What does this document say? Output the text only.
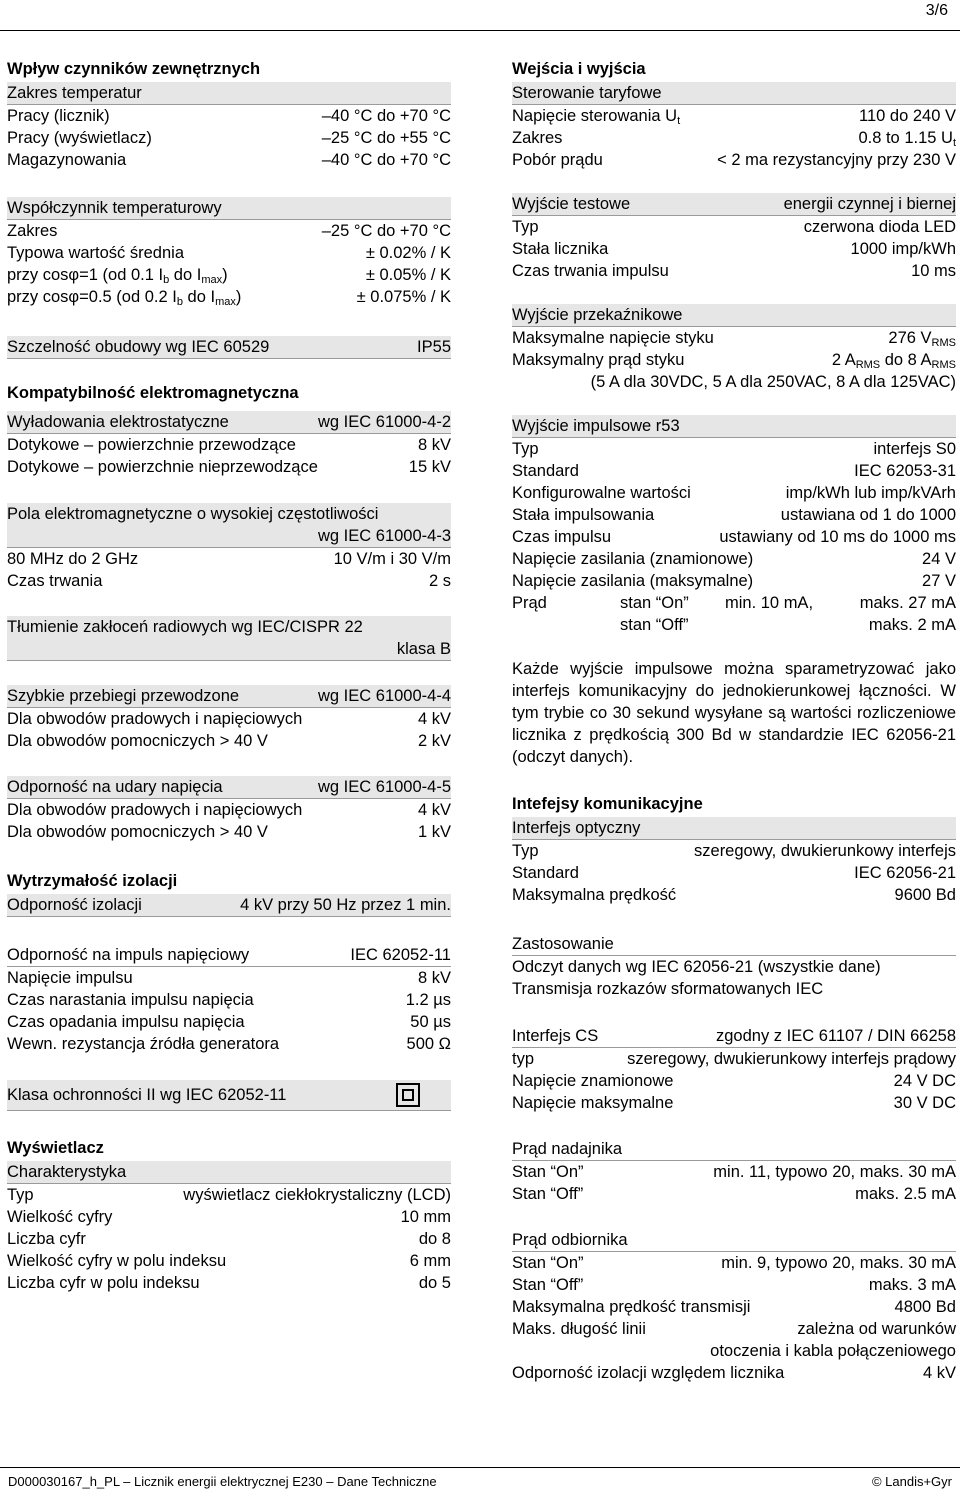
3/6
Wpływ czynników zewnętrznych
Zakres temperatur
Pracy (licznik)	–40 °C do +70 °C
Pracy (wyświetlacz)	–25 °C do +55 °C
Magazynowania	–40 °C do +70 °C
Współczynnik temperaturowy
Zakres	–25 °C do +70 °C
Typowa wartość średnia	± 0.02% / K
przy cosφ=1 (od 0.1 $I_b$ do $I_{max}$)	± 0.05% / K
przy cosφ=0.5 (od 0.2 $I_b$ do $I_{max}$)	± 0.075% / K
Szczelność obudowy wg IEC 60529	IP55
Kompatybilność elektromagnetyczna
Wyładowania elektrostatyczne	wg IEC 61000-4-2
Dotykowe – powierzchnie przewodzące	8 kV
Dotykowe – powierzchnie nieprzewodzące	15 kV
Pola elektromagnetyczne o wysokiej częstotliwości
wg IEC 61000-4-3
80 MHz do 2 GHz	10 V/m i 30 V/m
Czas trwania	2 s
Tłumienie zakłoceń radiowych wg IEC/CISPR 22
klasa B
Szybkie przebiegi przewodzone	wg IEC 61000-4-4
Dla obwodów pradowych i napięciowych	4 kV
Dla obwodów pomocniczych > 40 V	2 kV
Odporność na udary napięcia	wg IEC 61000-4-5
Dla obwodów pradowych i napięciowych	4 kV
Dla obwodów pomocniczych > 40 V	1 kV
Wytrzymałość izolacji
Odporność izolacji	4 kV przy 50 Hz przez 1 min.
Odporność na impuls napięciowy	IEC 62052-11
Napięcie impulsu	8 kV
Czas narastania impulsu napięcia	1.2 µs
Czas opadania impulsu napięcia	50 µs
Wewn. rezystancja źródła generatora	500 Ω
Klasa ochronności II wg IEC 62052-11
Wyświetlacz
Charakterystyka
Typ	wyświetlacz ciekłokrystaliczny (LCD)
Wielkość cyfry	10 mm
Liczba cyfr	do 8
Wielkość cyfry w polu indeksu	6 mm
Liczba cyfr w polu indeksu	do 5
Wejścia i wyjścia
Sterowanie taryfowe
Napięcie sterowania $U_t$	110 do 240 V
Zakres	0.8 to 1.15 $U_t$
Pobór prądu	< 2 ma rezystancyjny przy 230 V
Wyjście testowe	energii czynnej i biernej
Typ	czerwona dioda LED
Stała licznika	1000 imp/kWh
Czas trwania impulsu	10 ms
Wyjście przekaźnikowe
Maksymalne napięcie styku	276 $V_{RMS}$
Maksymalny prąd styku	2 $A_{RMS}$ do 8 $A_{RMS}$
(5 A dla 30VDC, 5 A dla 250VAC, 8 A dla 125VAC)
Wyjście impulsowe r53
Typ	interfejs S0
Standard	IEC 62053-31
Konfigurowalne wartości	imp/kWh lub imp/kVArh
Stała impulsowania	ustawiana od 1 do 1000
Czas impulsu	ustawiany od 10 ms do 1000 ms
Napięcie zasilania (znamionowe)	24 V
Napięcie zasilania (maksymalne)	27 V
Prąd	stan “On” min. 10 mA,	maks. 27 mA
stan “Off”	maks. 2 mA
Każde wyjście impulsowe można sparametryzować jako interfejs komunikacyjny do jednokierunkowej łączności. W tym trybie co 30 sekund wysyłane są wartości rozliczeniowe licznika z prędkością 300 Bd w standardzie IEC 62056-21 (odczyt danych).
Intefejsy komunikacyjne
Interfejs optyczny
Typ	szeregowy, dwukierunkowy interfejs
Standard	IEC 62056-21
Maksymalna prędkość	9600 Bd
Zastosowanie
Odczyt danych wg IEC 62056-21 (wszystkie dane)
Transmisja rozkazów sformatowanych IEC
Interfejs CS	zgodny z IEC 61107 / DIN 66258
typ	szeregowy, dwukierunkowy interfejs prądowy
Napięcie znamionowe	24 V DC
Napięcie maksymalne	30 V DC
Prąd nadajnika
Stan “On”	min. 11, typowo 20, maks. 30 mA
Stan “Off”	maks. 2.5 mA
Prąd odbiornika
Stan “On”	min. 9, typowo 20, maks. 30 mA
Stan “Off”	maks. 3 mA
Maksymalna prędkość transmisji	4800 Bd
Maks. długość linii	zależna od warunków
otoczenia i kabla połączeniowego
Odporność izolacji względem licznika	4 kV
D000030167_h_PL – Licznik energii elektrycznej E230 – Dane Techniczne	© Landis+Gyr
